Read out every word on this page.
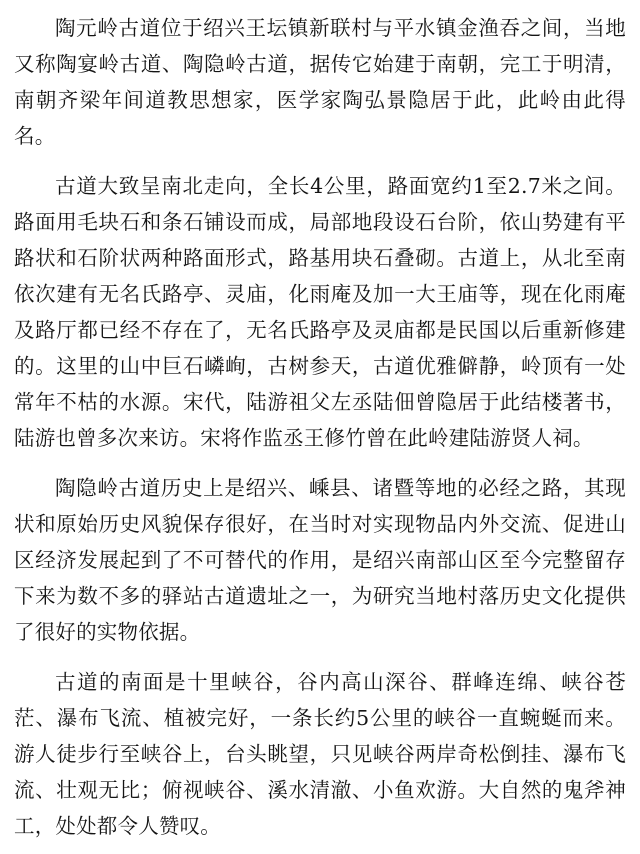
陶元岭古道位于绍兴王坛镇新联村与平水镇金渔吞之间，当地又称陶宴岭古道、陶隐岭古道，据传它始建于南朝，完工于明清，南朝齐梁年间道教思想家，医学家陶弘景隐居于此，此岭由此得名。

古道大致呈南北走向，全长4公里，路面宽约1至2.7米之间。路面用毛块石和条石铺设而成，局部地段设石台阶，依山势建有平路状和石阶状两种路面形式，路基用块石叠砌。古道上，从北至南依次建有无名氏路亭、灵庙，化雨庵及加一大王庙等，现在化雨庵及路厅都已经不存在了，无名氏路亭及灵庙都是民国以后重新修建的。这里的山中巨石嶙峋，古树参天，古道优雅僻静，岭顶有一处常年不枯的水源。宋代，陆游祖父左丞陆佃曾隐居于此结楼著书，陆游也曾多次来访。宋将作监丞王修竹曾在此岭建陆游贤人祠。

陶隐岭古道历史上是绍兴、嵊县、诸暨等地的必经之路，其现状和原始历史风貌保存很好，在当时对实现物品内外交流、促进山区经济发展起到了不可替代的作用，是绍兴南部山区至今完整留存下来为数不多的驿站古道遗址之一，为研究当地村落历史文化提供了很好的实物依据。

古道的南面是十里峡谷，谷内高山深谷、群峰连绵、峡谷苍茫、瀑布飞流、植被完好，一条长约5公里的峡谷一直蜿蜒而来。游人徒步行至峡谷上，台头眺望，只见峡谷两岸奇松倒挂、瀑布飞流、壮观无比；俯视峡谷、溪水清澈、小鱼欢游。大自然的鬼斧神工，处处都令人赞叹。
